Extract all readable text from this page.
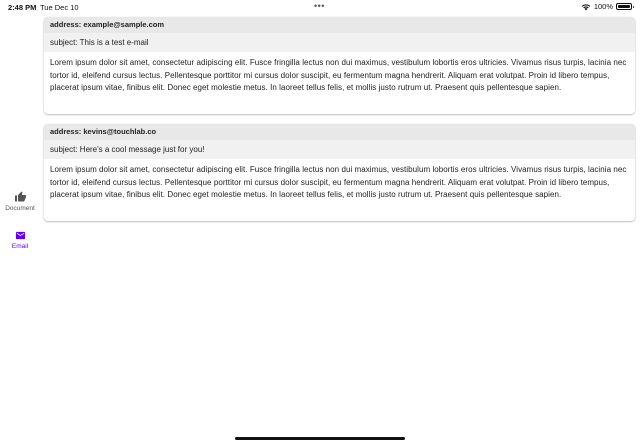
2:48 PM Tue Dec 10	•••	100%
Document
Email
address: example@sample.com
subject: This is a test e-mail
Lorem ipsum dolor sit amet, consectetur adipiscing elit. Fusce fringilla lectus non dui maximus, vestibulum lobortis eros ultricies. Vivamus risus turpis, lacinia nec tortor id, eleifend cursus lectus. Pellentesque porttitor mi cursus dolor suscipit, eu fermentum magna hendrerit. Aliquam erat volutpat. Proin id libero tempus, placerat ipsum vitae, finibus elit. Donec eget molestie metus. In laoreet tellus felis, et mollis justo rutrum ut. Praesent quis pellentesque sapien.
address: kevins@touchlab.co
subject: Here's a cool message just for you!
Lorem ipsum dolor sit amet, consectetur adipiscing elit. Fusce fringilla lectus non dui maximus, vestibulum lobortis eros ultricies. Vivamus risus turpis, lacinia nec tortor id, eleifend cursus lectus. Pellentesque porttitor mi cursus dolor suscipit, eu fermentum magna hendrerit. Aliquam erat volutpat. Proin id libero tempus, placerat ipsum vitae, finibus elit. Donec eget molestie metus. In laoreet tellus felis, et mollis justo rutrum ut. Praesent quis pellentesque sapien.
